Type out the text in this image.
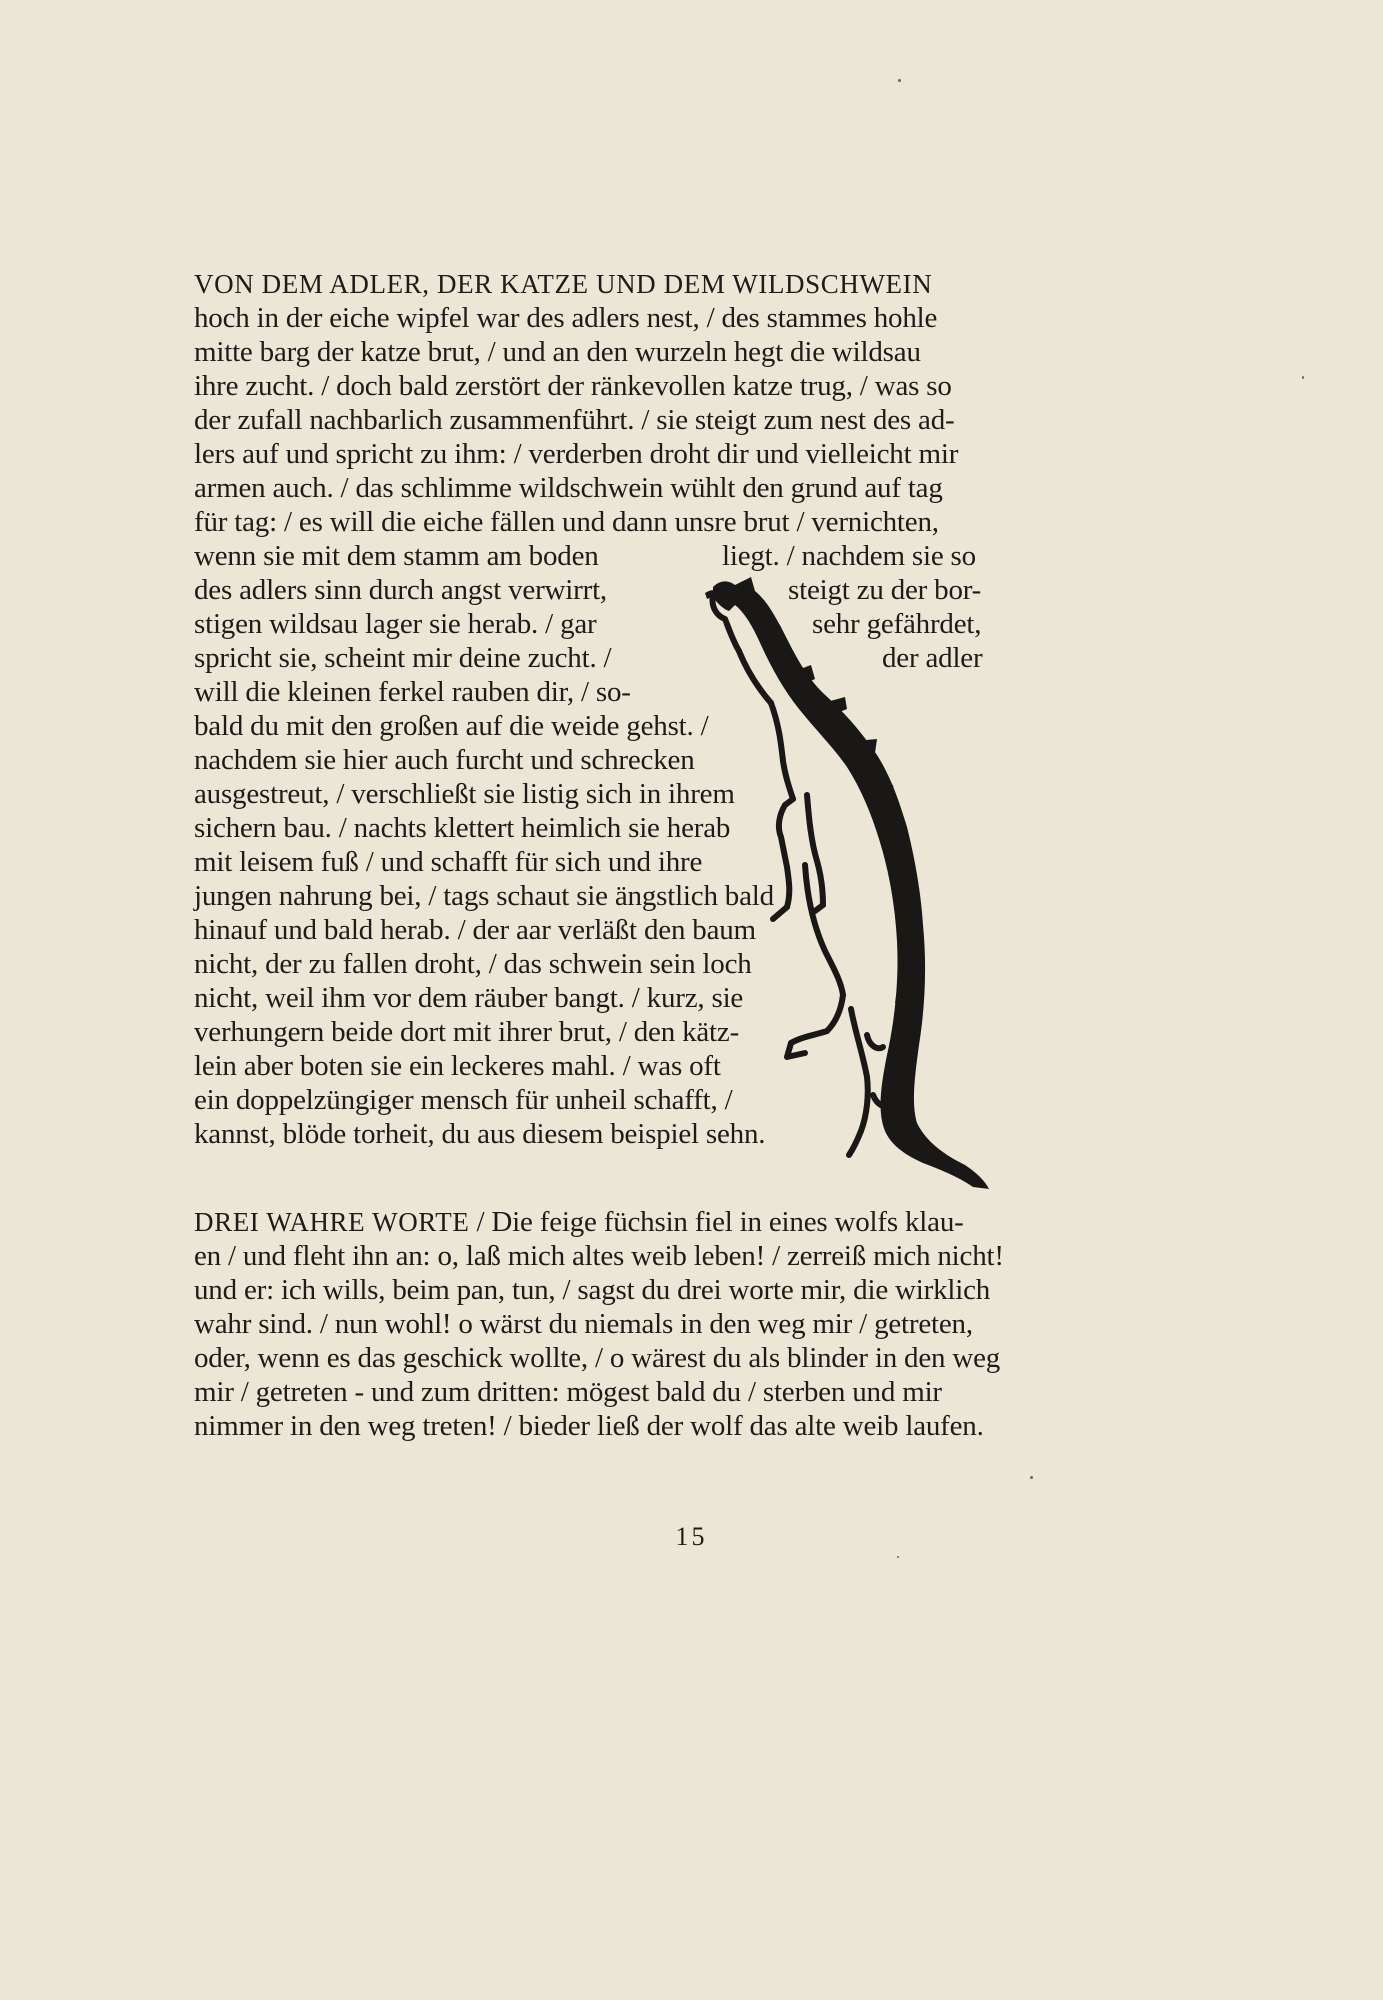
VON DEM ADLER, DER KATZE UND DEM WILDSCHWEIN
hoch in der eiche wipfel war des adlers nest, / des stammes hohle
mitte barg der katze brut, / und an den wurzeln hegt die wildsau
ihre zucht. / doch bald zerstört der ränkevollen katze trug, / was so
der zufall nachbarlich zusammenführt. / sie steigt zum nest des ad-
lers auf und spricht zu ihm: / verderben droht dir und vielleicht mir
armen auch. / das schlimme wildschwein wühlt den grund auf tag
für tag: / es will die eiche fällen und dann unsre brut / vernichten,
wenn sie mit dem stamm am boden	liegt. / nachdem sie so
des adlers sinn durch angst verwirrt,	steigt zu der bor-
stigen wildsau lager sie herab. / gar	sehr gefährdet,
spricht sie, scheint mir deine zucht. /	der adler
will die kleinen ferkel rauben dir, / so-
bald du mit den großen auf die weide gehst. /
nachdem sie hier auch furcht und schrecken
ausgestreut, / verschließt sie listig sich in ihrem
sichern bau. / nachts klettert heimlich sie herab
mit leisem fuß / und schafft für sich und ihre
jungen nahrung bei, / tags schaut sie ängstlich bald
hinauf und bald herab. / der aar verläßt den baum
nicht, der zu fallen droht, / das schwein sein loch
nicht, weil ihm vor dem räuber bangt. / kurz, sie
verhungern beide dort mit ihrer brut, / den kätz-
lein aber boten sie ein leckeres mahl. / was oft
ein doppelzüngiger mensch für unheil schafft, /
kannst, blöde torheit, du aus diesem beispiel sehn.
DREI WAHRE WORTE / Die feige füchsin fiel in eines wolfs klau-
en / und fleht ihn an: o, laß mich altes weib leben! / zerreiß mich nicht!
und er: ich wills, beim pan, tun, / sagst du drei worte mir, die wirklich
wahr sind. / nun wohl! o wärst du niemals in den weg mir / getreten,
oder, wenn es das geschick wollte, / o wärest du als blinder in den weg
mir / getreten - und zum dritten: mögest bald du / sterben und mir
nimmer in den weg treten! / bieder ließ der wolf das alte weib laufen.
15
